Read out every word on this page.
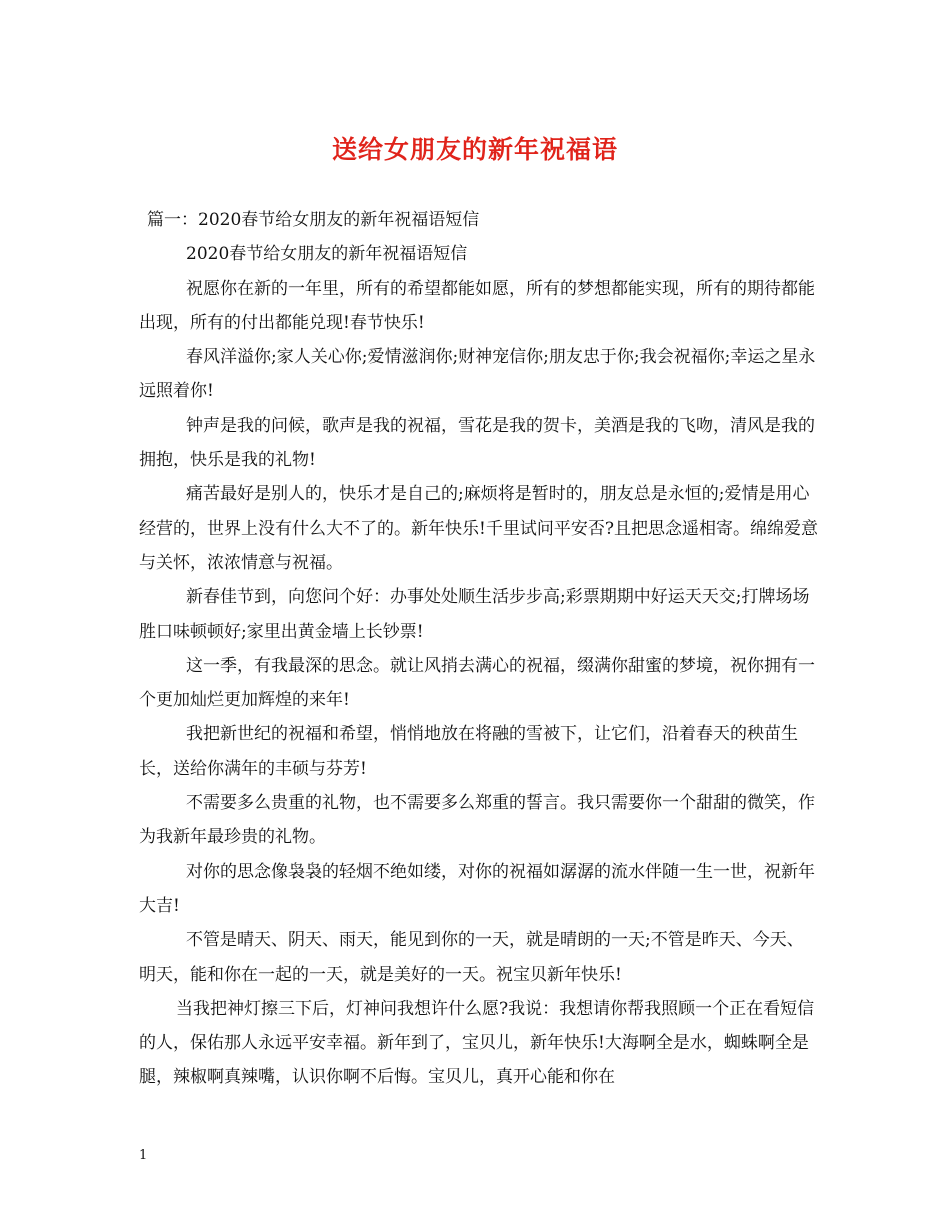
送给女朋友的新年祝福语

篇一：2020春节给女朋友的新年祝福语短信

2020春节给女朋友的新年祝福语短信

祝愿你在新的一年里，所有的希望都能如愿，所有的梦想都能实现，所有的期待都能出现，所有的付出都能兑现!春节快乐!

春风洋溢你;家人关心你;爱情滋润你;财神宠信你;朋友忠于你;我会祝福你;幸运之星永远照着你!

钟声是我的问候，歌声是我的祝福，雪花是我的贺卡，美酒是我的飞吻，清风是我的拥抱，快乐是我的礼物!

痛苦最好是别人的，快乐才是自己的;麻烦将是暂时的，朋友总是永恒的;爱情是用心经营的，世界上没有什么大不了的。新年快乐!千里试问平安否?且把思念遥相寄。绵绵爱意与关怀，浓浓情意与祝福。

新春佳节到，向您问个好：办事处处顺生活步步高;彩票期期中好运天天交;打牌场场胜口味顿顿好;家里出黄金墙上长钞票!

这一季，有我最深的思念。就让风捎去满心的祝福，缀满你甜蜜的梦境，祝你拥有一个更加灿烂更加辉煌的来年!

我把新世纪的祝福和希望，悄悄地放在将融的雪被下，让它们，沿着春天的秧苗生长，送给你满年的丰硕与芬芳!

不需要多么贵重的礼物，也不需要多么郑重的誓言。我只需要你一个甜甜的微笑，作为我新年最珍贵的礼物。

对你的思念像袅袅的轻烟不绝如缕，对你的祝福如潺潺的流水伴随一生一世，祝新年大吉!

不管是晴天、阴天、雨天，能见到你的一天，就是晴朗的一天;不管是昨天、今天、明天，能和你在一起的一天，就是美好的一天。祝宝贝新年快乐!

当我把神灯擦三下后，灯神问我想许什么愿?我说：我想请你帮我照顾一个正在看短信的人，保佑那人永远平安幸福。新年到了，宝贝儿，新年快乐!大海啊全是水，蜘蛛啊全是腿，辣椒啊真辣嘴，认识你啊不后悔。宝贝儿，真开心能和你在

1
